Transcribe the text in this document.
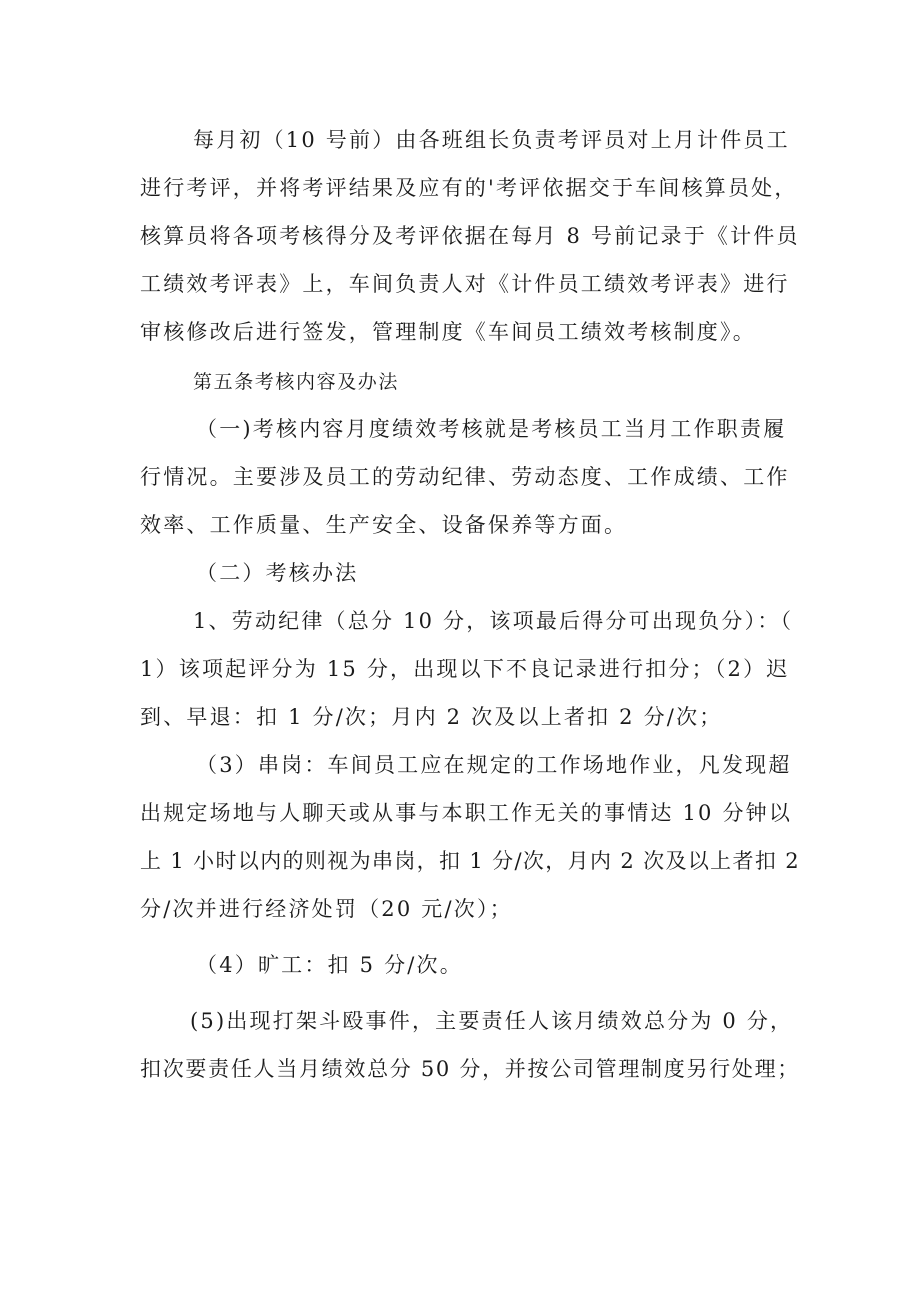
每月初（10 号前）由各班组长负责考评员对上月计件员工
进行考评，并将考评结果及应有的'考评依据交于车间核算员处，
核算员将各项考核得分及考评依据在每月 8 号前记录于《计件员
工绩效考评表》上，车间负责人对《计件员工绩效考评表》进行
审核修改后进行签发，管理制度《车间员工绩效考核制度》。
第五条考核内容及办法
（一)考核内容月度绩效考核就是考核员工当月工作职责履
行情况。主要涉及员工的劳动纪律、劳动态度、工作成绩、工作
效率、工作质量、生产安全、设备保养等方面。
（二）考核办法
1、劳动纪律（总分 10 分，该项最后得分可出现负分）：（
1）该项起评分为 15 分，出现以下不良记录进行扣分；（2）迟
到、早退：扣 1 分/次；月内 2 次及以上者扣 2 分/次；
（3）串岗：车间员工应在规定的工作场地作业，凡发现超
出规定场地与人聊天或从事与本职工作无关的事情达 10 分钟以
上 1 小时以内的则视为串岗，扣 1 分/次，月内 2 次及以上者扣 2
分/次并进行经济处罚（20 元/次）；
（4）旷工：扣 5 分/次。
(5)出现打架斗殴事件，主要责任人该月绩效总分为 0 分，
扣次要责任人当月绩效总分 50 分，并按公司管理制度另行处理；
